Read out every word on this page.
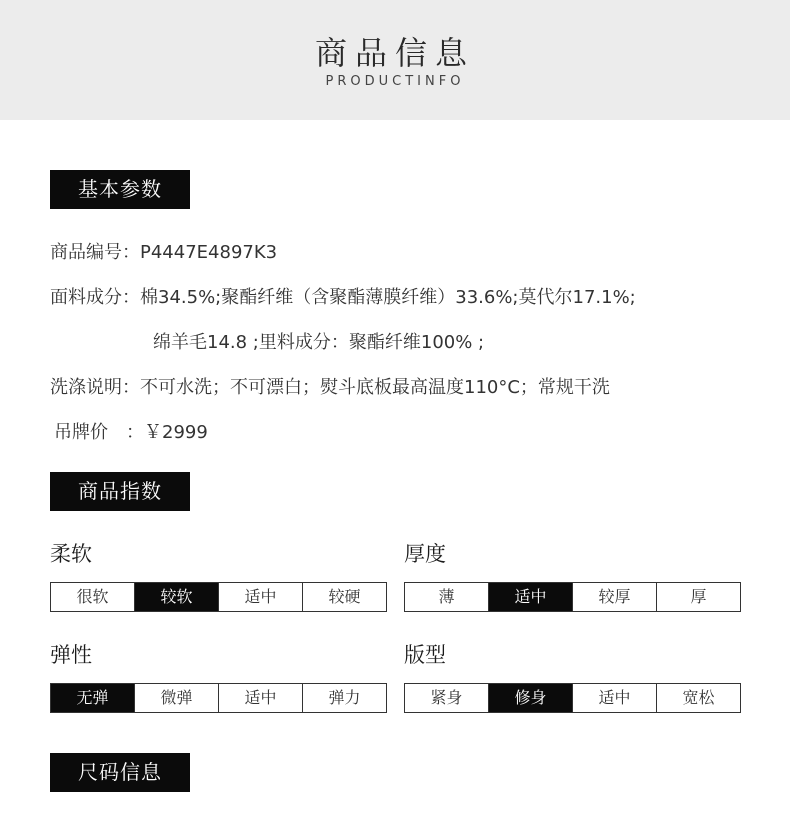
商品信息
PRODUCTINFO
基本参数
商品编号：P4447E4897K3
面料成分：棉34.5%;聚酯纤维（含聚酯薄膜纤维）33.6%;莫代尔17.1%;
绵羊毛14.8 ;里料成分：聚酯纤维100% ;
洗涤说明：不可水洗；不可漂白；熨斗底板最高温度110°C；常规干洗
吊牌价　：￥2999
商品指数
柔软
很软	较软	适中	较硬
厚度
薄	适中	较厚	厚
弹性
无弹	微弹	适中	弹力
版型
紧身	修身	适中	宽松
尺码信息
